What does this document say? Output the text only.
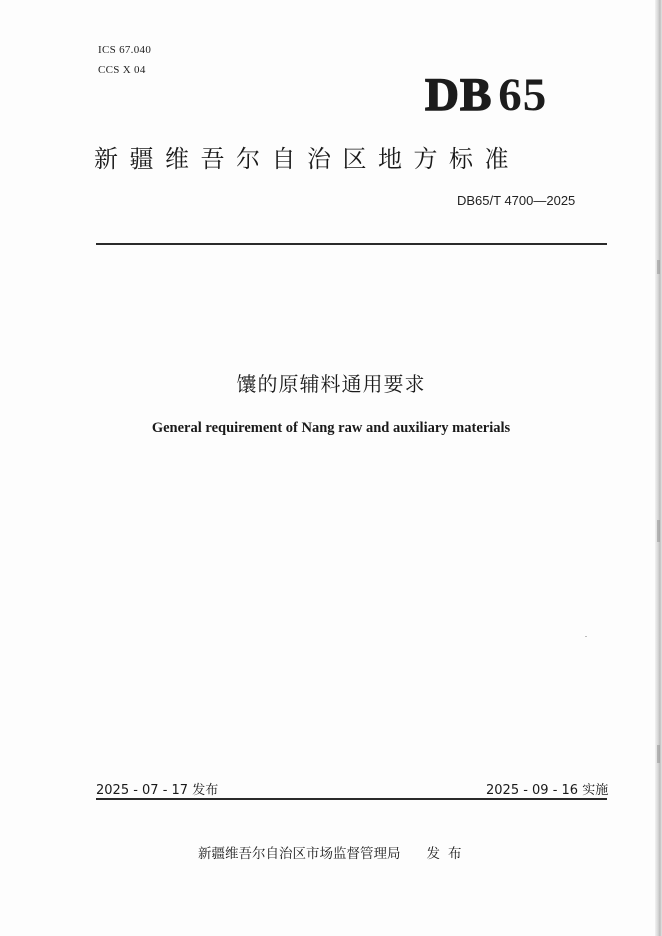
ICS 67.040
CCS X 04	DB 65
新疆维吾尔自治区地方标准
DB65/T 4700—2025
馕的原辅料通用要求
General requirement of Nang raw and auxiliary materials
2025 - 07 - 17 发布	2025 - 09 - 16 实施
新疆维吾尔自治区市场监督管理局 发布
